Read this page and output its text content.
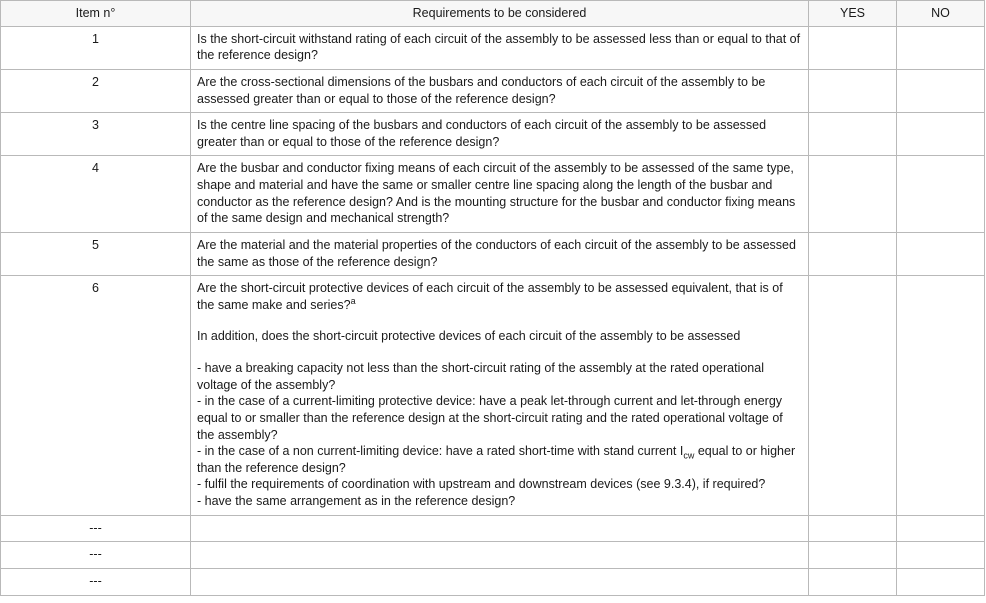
Item n°	Requirements to be considered	YES	NO
1	Is the short-circuit withstand rating of each circuit of the assembly to be assessed less than or equal to that of the reference design?		
2	Are the cross-sectional dimensions of the busbars and conductors of each circuit of the assembly to be assessed greater than or equal to those of the reference design?		
3	Is the centre line spacing of the busbars and conductors of each circuit of the assembly to be assessed greater than or equal to those of the reference design?		
4	Are the busbar and conductor fixing means of each circuit of the assembly to be assessed of the same type, shape and material and have the same or smaller centre line spacing along the length of the busbar and conductor as the reference design? And is the mounting structure for the busbar and conductor fixing means of the same design and mechanical strength?		
5	Are the material and the material properties of the conductors of each circuit of the assembly to be assessed the same as those of the reference design?		
6	Are the short-circuit protective devices of each circuit of the assembly to be assessed equivalent, that is of the same make and series?$^a$
In addition, does the short-circuit protective devices of each circuit of the assembly to be assessed
- have a breaking capacity not less than the short-circuit rating of the assembly at the rated operational voltage of the assembly?
- in the case of a current-limiting protective device: have a peak let-through current and let-through energy equal to or smaller than the reference design at the short-circuit rating and the rated operational voltage of the assembly?
- in the case of a non current-limiting device: have a rated short-time with stand current $I_{cw}$ equal to or higher than the reference design?
- fulfil the requirements of coordination with upstream and downstream devices (see 9.3.4), if required?
- have the same arrangement as in the reference design?

---			
---			
---			
